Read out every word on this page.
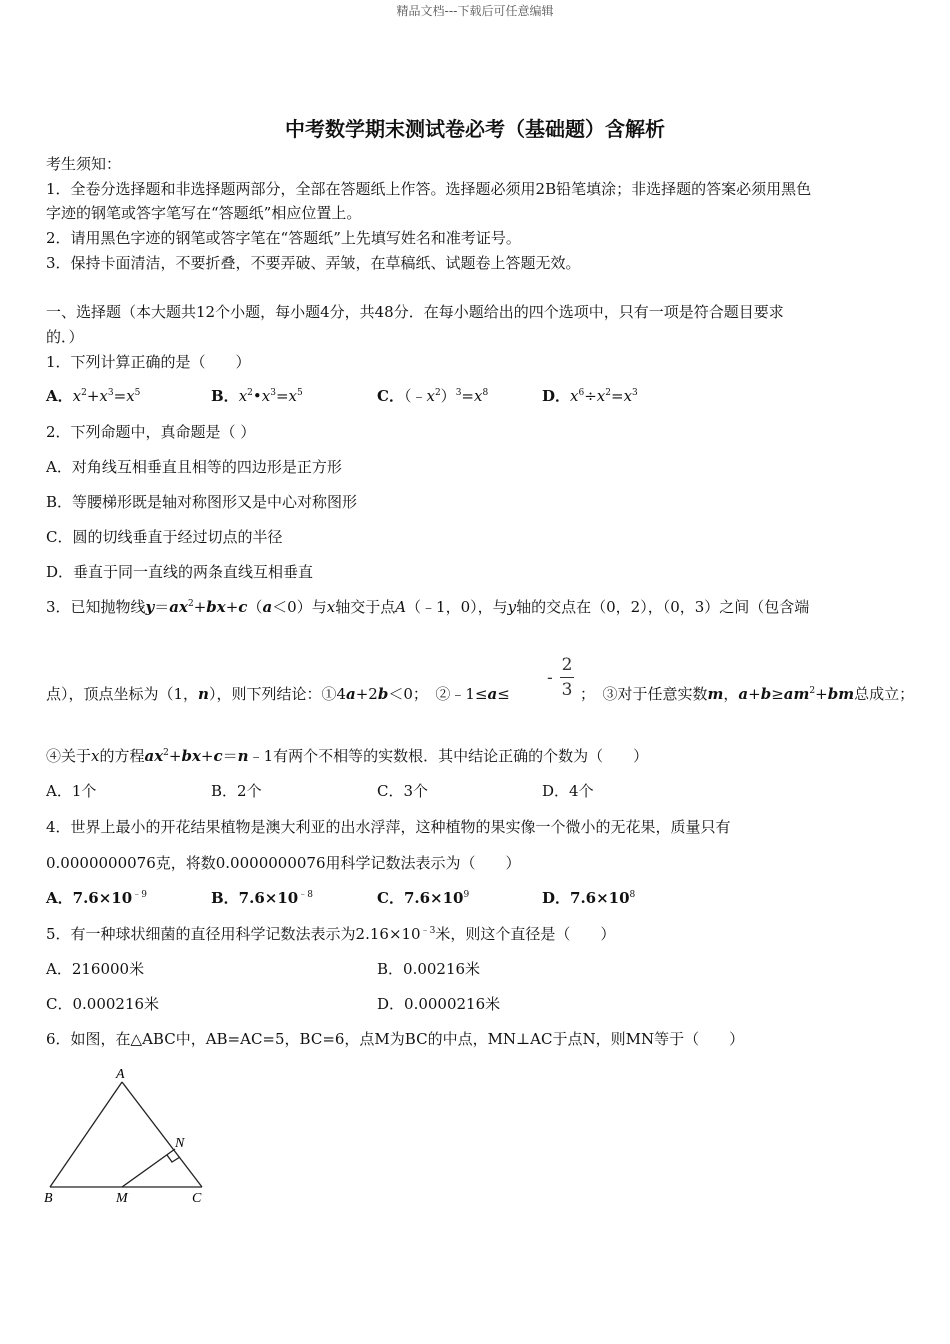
精品文档---下载后可任意编辑
中考数学期末测试卷必考（基础题）含解析
考生须知：
1．全卷分选择题和非选择题两部分，全部在答题纸上作答。选择题必须用2B铅笔填涂；非选择题的答案必须用黑色
字迹的钢笔或答字笔写在“答题纸”相应位置上。
2．请用黑色字迹的钢笔或答字笔在“答题纸”上先填写姓名和准考证号。
3．保持卡面清洁，不要折叠，不要弄破、弄皱，在草稿纸、试题卷上答题无效。
一、选择题（本大题共12个小题，每小题4分，共48分．在每小题给出的四个选项中，只有一项是符合题目要求
的．）
1．下列计算正确的是（　　）
A．$x^2+x^3=x^5$	B．$x^2•x^3=x^5$	C．$(﹣x^2)^3=x^8$	D．$x^6\div x^2=x^3$
2．下列命题中，真命题是（ ）
A．对角线互相垂直且相等的四边形是正方形
B．等腰梯形既是轴对称图形又是中心对称图形
C．圆的切线垂直于经过切点的半径
D．垂直于同一直线的两条直线互相垂直
3．已知抛物线$y=ax^2+bx+c(a<0)$与x轴交于点A（﹣1，0），与y轴的交点在（0，2），（0，3）之间（包含端
-
2
3
点），顶点坐标为（1，n），则下列结论：①4a+2b＜0；　②﹣1≤a≤	；　③对于任意实数m，$a+b\ge am^2+bm$总成立；
④关于x的方程$ax^2+bx+c=n﹣1$有两个不相等的实数根．其中结论正确的个数为（　　）
A．1个	B．2个	C．3个	D．4个
4．世界上最小的开花结果植物是澳大利亚的出水浮萍，这种植物的果实像一个微小的无花果，质量只有
0.0000000076克，将数0.0000000076用科学记数法表示为（　　）
A．$7.6\times 10^{﹣9}$	B．$7.6\times 10^{﹣8}$	C．$7.6\times 10^9$	D．$7.6\times 10^8$
5．有一种球状细菌的直径用科学记数法表示为$2.16\times 10^{﹣3}$米，则这个直径是（　　）
A．216000米	B．0.00216米
C．0.000216米	D．0.0000216米
6．如图，在△ABC中，AB=AC=5，BC=6，点M为BC的中点，MN⊥AC于点N，则MN等于（　　）
A
B	C
M
N
